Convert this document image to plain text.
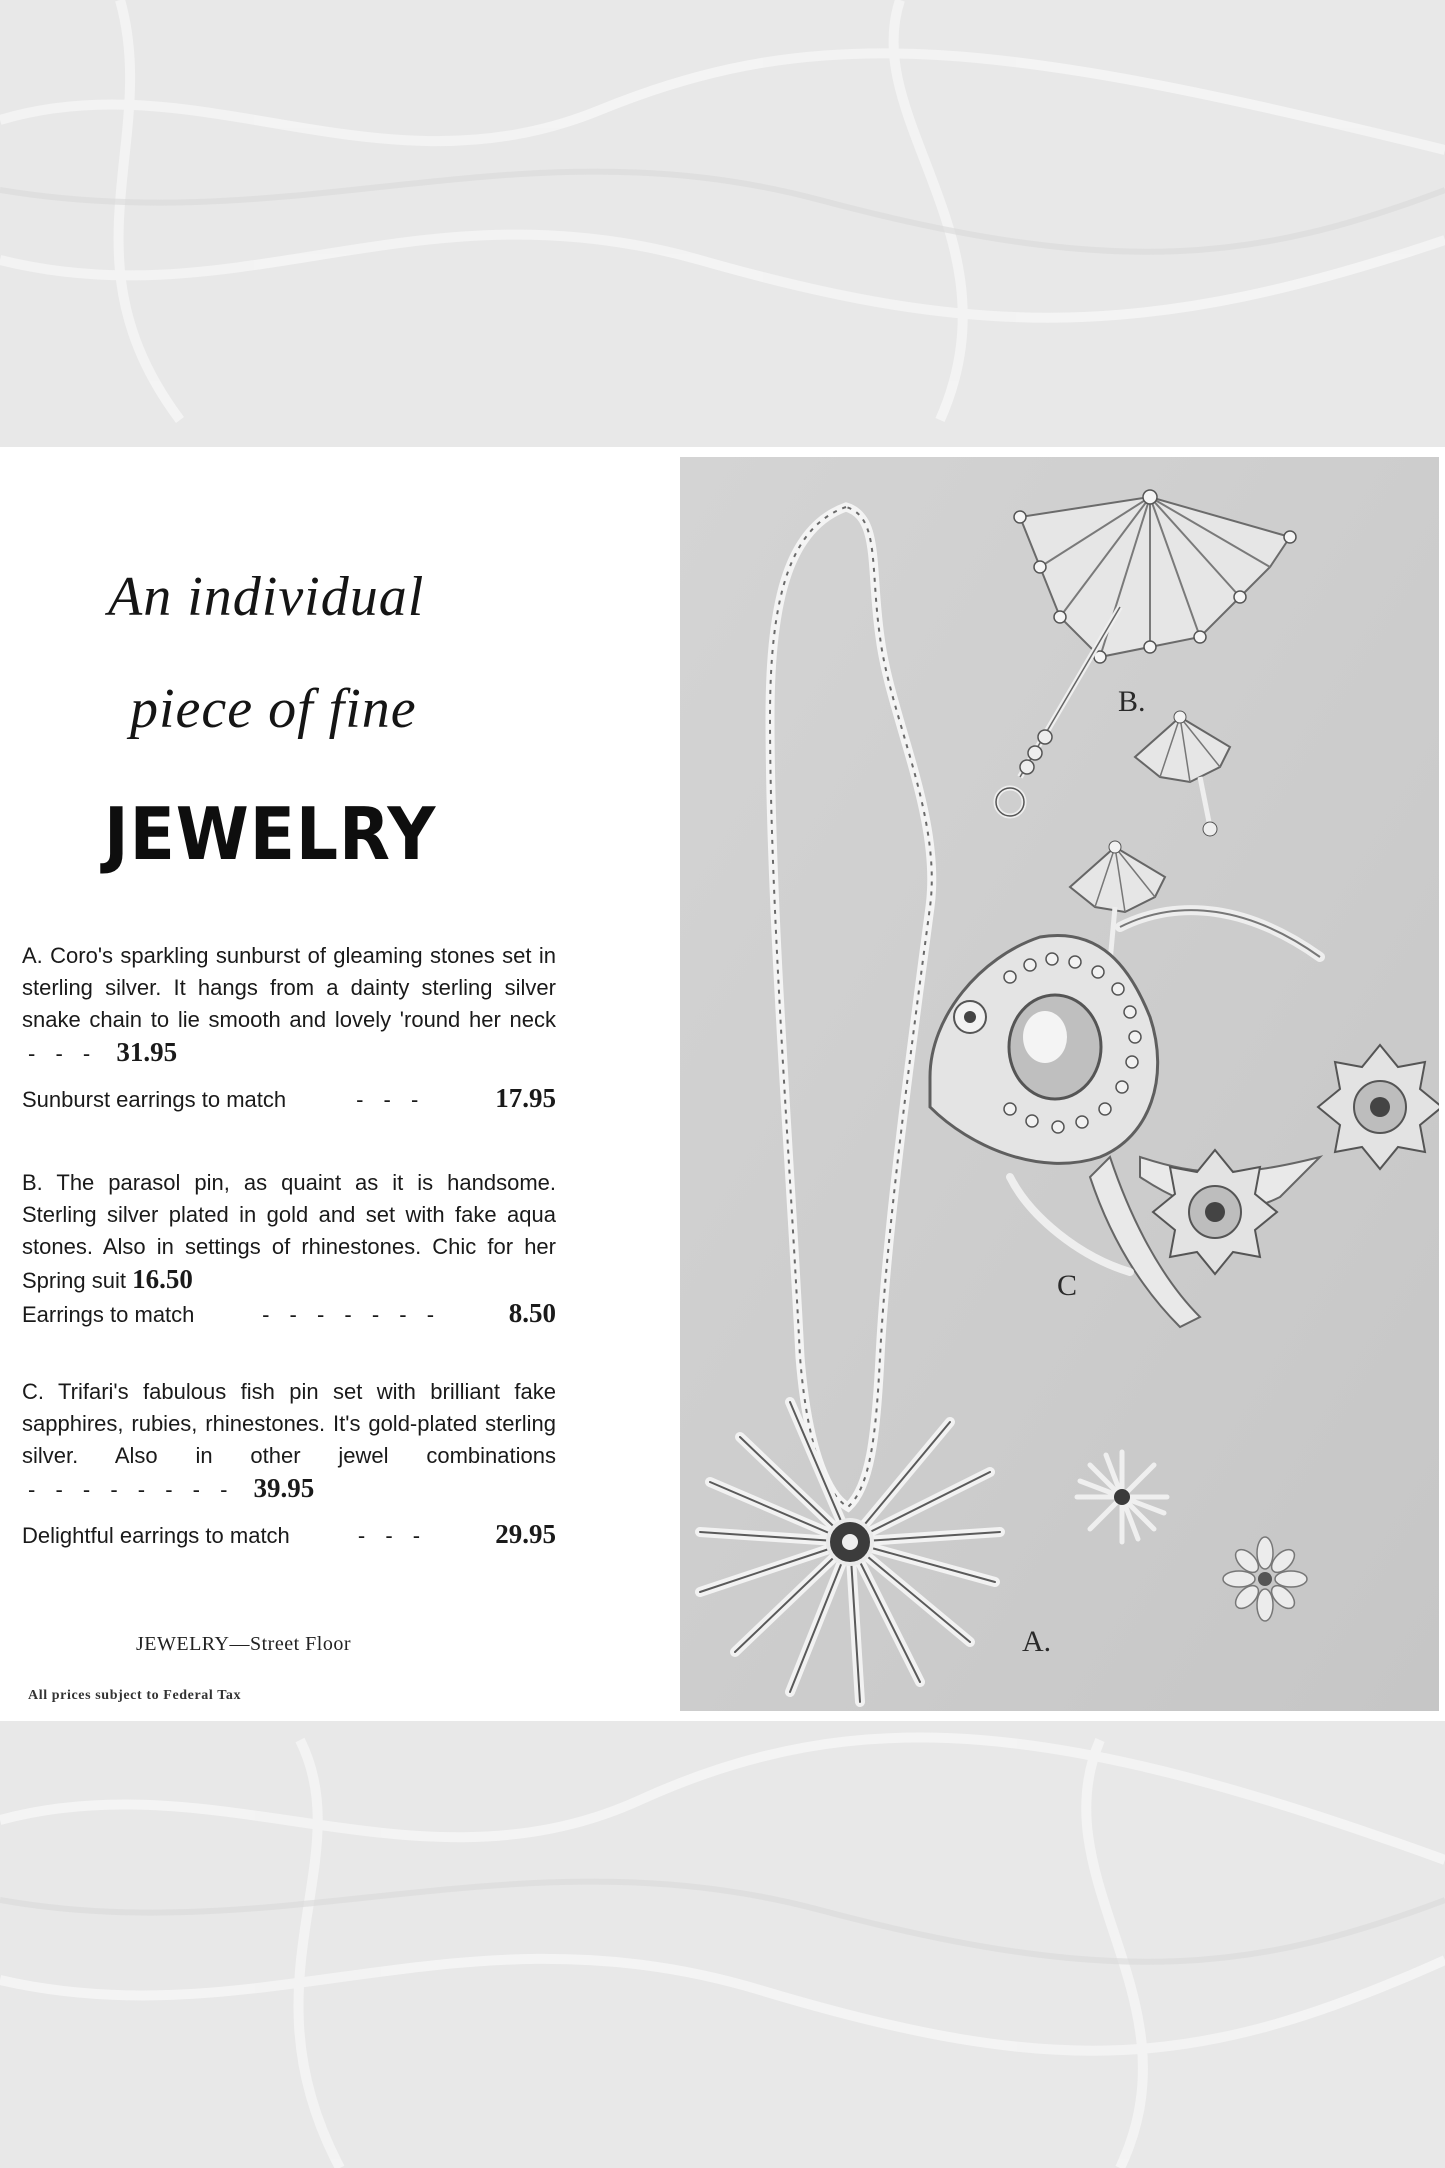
An individual
piece of fine
JEWELRY
A. Coro's sparkling sunburst of gleaming stones set in sterling silver. It hangs from a dainty sterling silver snake chain to lie smooth and lovely 'round her neck - - - 31.95
Sunburst earrings to match	- - -	17.95
B. The parasol pin, as quaint as it is handsome. Sterling silver plated in gold and set with fake aqua stones. Also in settings of rhinestones. Chic for her Spring suit 16.50
Earrings to match	- - - - - - -	8.50
C. Trifari's fabulous fish pin set with brilliant fake sapphires, rubies, rhinestones. It's gold-plated sterling silver. Also in other jewel combinations - - - - - - - - 39.95
Delightful earrings to match	- - -	29.95
JEWELRY—Street Floor
All prices subject to Federal Tax
B.
C
A.
